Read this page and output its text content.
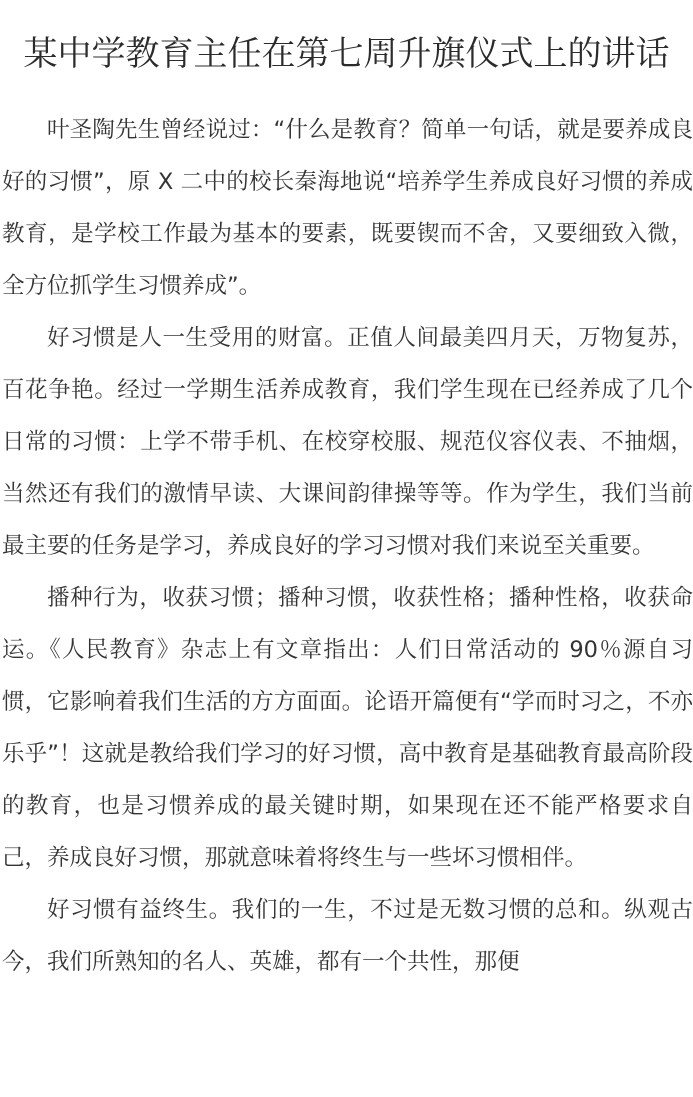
某中学教育主任在第七周升旗仪式上的讲话

叶圣陶先生曾经说过：“什么是教育？简单一句话，就是要养成良好的习惯”，原 X 二中的校长秦海地说“培养学生养成良好习惯的养成教育，是学校工作最为基本的要素，既要锲而不舍，又要细致入微，全方位抓学生习惯养成”。

好习惯是人一生受用的财富。正值人间最美四月天，万物复苏，百花争艳。经过一学期生活养成教育，我们学生现在已经养成了几个日常的习惯：上学不带手机、在校穿校服、规范仪容仪表、不抽烟，当然还有我们的激情早读、大课间韵律操等等。作为学生，我们当前最主要的任务是学习，养成良好的学习习惯对我们来说至关重要。

播种行为，收获习惯；播种习惯，收获性格；播种性格，收获命运。《人民教育》杂志上有文章指出：人们日常活动的 90％源自习惯，它影响着我们生活的方方面面。论语开篇便有“学而时习之，不亦乐乎”！这就是教给我们学习的好习惯，高中教育是基础教育最高阶段的教育，也是习惯养成的最关键时期，如果现在还不能严格要求自己，养成良好习惯，那就意味着将终生与一些坏习惯相伴。

好习惯有益终生。我们的一生，不过是无数习惯的总和。纵观古今，我们所熟知的名人、英雄，都有一个共性，那便
